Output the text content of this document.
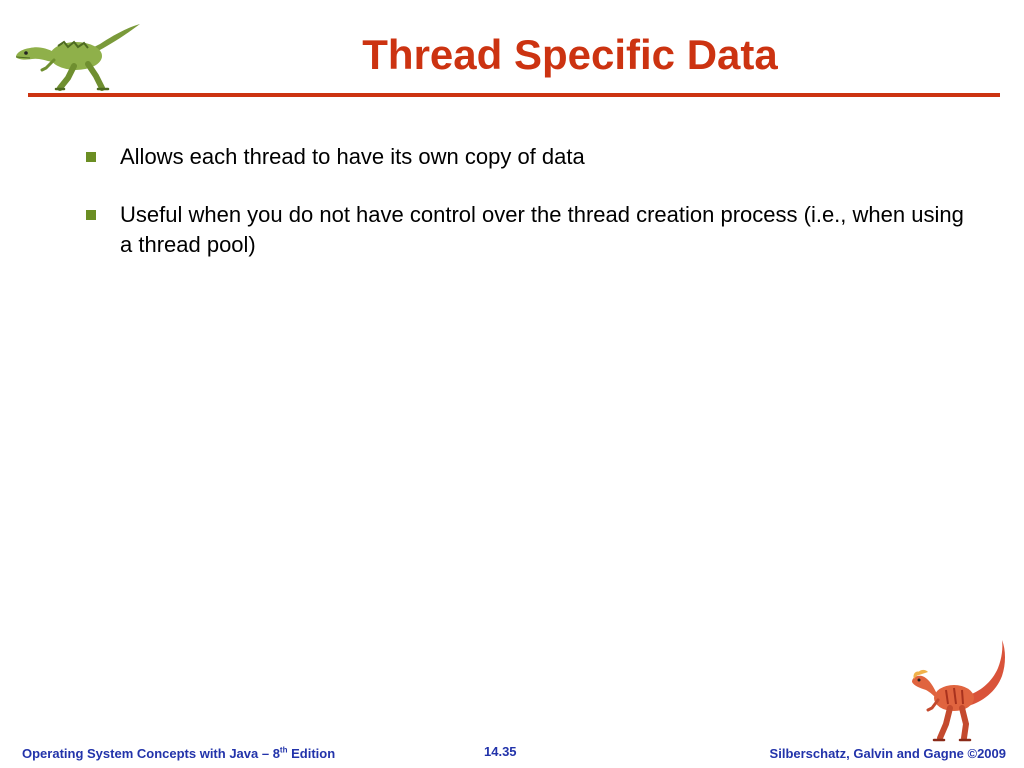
Thread Specific Data
Allows each thread to have its own copy of data
Useful when you do not have control over the thread creation process (i.e., when using a thread pool)
Operating System Concepts with Java – 8th Edition	14.35	Silberschatz, Galvin and Gagne ©2009
